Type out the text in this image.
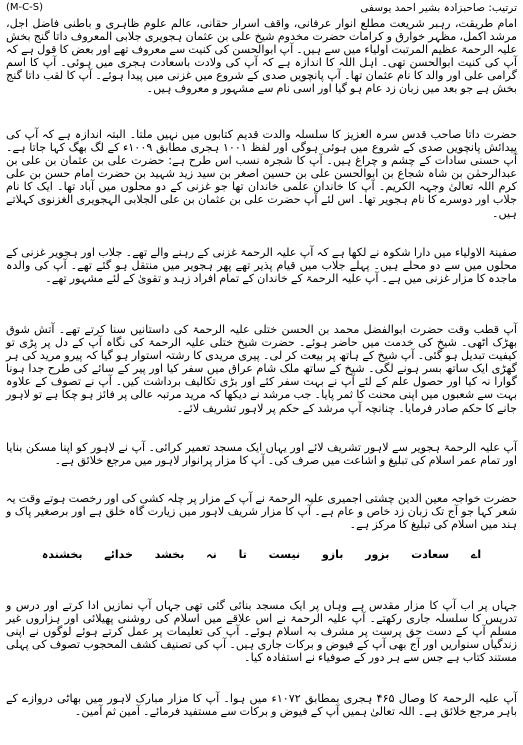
ترتیب: صاحبزادہ بشیر احمد یوسفی
(M-C-S)
امام طریقت، رہبر شریعت مطلع انوار عرفانی، واقف اسرار حقانی، عالم علوم ظاہری و باطنی فاضل اجل، مرشد اکمل، مظہر خوارق و کرامات حضرت مخدوم شیخ علی بن عثمان ہجویری جلابی المعروف داتا گنج بخش علیہ الرحمۃ عظیم المرتبت اولیاء میں سے ہیں۔ آپ ابوالحسن کی کنیت سے معروف تھے اور بعض کا قول ہے کہ آپ کی کنیت ابوالحسن تھی۔ اہل اللہ کا اندازہ ہے کہ آپ کی ولادت باسعادت ہجری میں ہوئی۔ آپ کا اسم گرامی علی اور والد کا نام عثمان تھا۔ آپ پانچویں صدی کے شروع میں غزنی میں پیدا ہوئے۔ آپ کا لقب داتا گنج بخش ہے جو بعد میں زبان زد عام ہو گیا اور اسی نام سے مشہور و معروف ہیں۔
حضرت داتا صاحب قدس سرہ العزیز کا سلسلہ والدت قدیم کتابوں میں نہیں ملتا۔ البتہ اندازہ ہے کہ آپ کی پیدائش پانچویں صدی کے شروع میں ہوئی ہوگی اور لفظ ۱۰۰۱ ہجری مطابق ۱۰۰۹ء کے لگ بھگ کہا جاتا ہے۔ آپ حسنی سادات کے چشم و چراغ ہیں۔ آپ کا شجرہ نسب اس طرح ہے: حضرت علی بن عثمان بن علی بن عبدالرحمٰن بن شاہ شجاع بن ابوالحسن علی بن حسین اصغر بن سید زید شہید بن حضرت امام حسن بن علی کرم اللہ تعالیٰ وجہہ الکریم۔ آپ کا خاندان علمی خاندان تھا جو غزنی کے دو محلوں میں آباد تھا۔ ایک کا نام جلاب اور دوسرے کا نام ہجویر تھا۔ اس لئے آپ حضرت علی بن عثمان بن علی الجلابی الہجویری الغزنوی کہلاتے ہیں۔
صفینۃ الاولیاء میں دارا شکوہ نے لکھا ہے کہ آپ علیہ الرحمۃ غزنی کے رہنے والے تھے۔ جلاب اور ہجویر غزنی کے محلوں میں سے دو محلے ہیں۔ پہلے جلاب میں قیام پذیر تھے پھر ہجویر میں منتقل ہو گئے تھے۔ آپ کی والدہ ماجدہ کا مزار غزنی میں ہے۔ آپ علیہ الرحمۃ کے خاندان کے تمام افراد زہد و تقویٰ کے لئے مشہور تھے۔
آپ قطب وقت حضرت ابوالفضل محمد بن الحسن ختلی علیہ الرحمۃ کی داستانیں سنا کرتے تھے۔ آتش شوق بھڑک اٹھی۔ شیخ کی خدمت میں حاضر ہوئے۔ حضرت شیخ ختلی علیہ الرحمۃ کی نگاہ آپ کے دل پر پڑی تو کیفیت تبدیل ہو گئی۔ آپ شیخ کے ہاتھ پر بیعت کر لی۔ پیری مریدی کا رشتہ استوار ہو گیا کہ پیرو مرید کی ہر گھڑی ایک ساتھ بسر ہونے لگی۔ شیخ کے ساتھ ملک شام عراق میں سفر کیا اور پیر کے سائے کی طرح جدا ہونا گوارا نہ کیا اور حصول علم کے لئے آپ نے بہت سفر کئے اور بڑی تکالیف برداشت کیں۔ آپ نے تصوف کے علاوہ بہت سے شعبوں میں اپنی محنت کا ثمر پایا۔ جب مرشد نے دیکھا کہ مرید مرتبہ عالی پر فائز ہو چکا ہے تو لاہور جانے کا حکم صادر فرمایا۔ چنانچہ آپ مرشد کے حکم پر لاہور تشریف لائے۔
آپ علیہ الرحمۃ ہجویر سے لاہور تشریف لائے اور یہاں ایک مسجد تعمیر کرائی۔ آپ نے لاہور کو اپنا مسکن بنایا اور تمام عمر اسلام کی تبلیغ و اشاعت میں صرف کی۔ آپ کا مزار پرانوار لاہور میں مرجع خلائق ہے۔
حضرت خواجہ معین الدین چشتی اجمیری علیہ الرحمۃ نے آپ کے مزار پر چلہ کشی کی اور رخصت ہوتے وقت یہ شعر کہا جو آج تک زبان زد خاص و عام ہے۔ آپ کا مزار شریف لاہور میں زیارت گاہ خلق ہے اور برصغیر پاک و ہند میں اسلام کی تبلیغ کا مرکز ہے۔
اے سعادت بزور بازو نیست تا نہ بخشد خدائے بخشندہ
جہاں پر اب آپ کا مزار مقدس ہے وہاں پر ایک مسجد بنائی گئی تھی جہاں آپ نمازیں ادا کرتے اور درس و تدریس کا سلسلہ جاری رکھتے۔ آپ علیہ الرحمۃ نے اس علاقے میں اسلام کی روشنی پھیلائی اور ہزاروں غیر مسلم آپ کے دست حق پرست پر مشرف بہ اسلام ہوئے۔ آپ کی تعلیمات پر عمل کرتے ہوئے لوگوں نے اپنی زندگیاں سنواریں اور آج بھی آپ کے فیوض و برکات جاری ہیں۔ آپ کی تصنیف کشف المحجوب تصوف کی پہلی مستند کتاب ہے جس سے ہر دور کے صوفیاء نے استفادہ کیا۔
آپ علیہ الرحمۃ کا وصال ۴۶۵ ہجری بمطابق ۱۰۷۲ء میں ہوا۔ آپ کا مزار مبارک لاہور میں بھاٹی دروازے کے باہر مرجع خلائق ہے۔ اللہ تعالیٰ ہمیں آپ کے فیوض و برکات سے مستفید فرمائے۔ آمین ثم آمین۔
